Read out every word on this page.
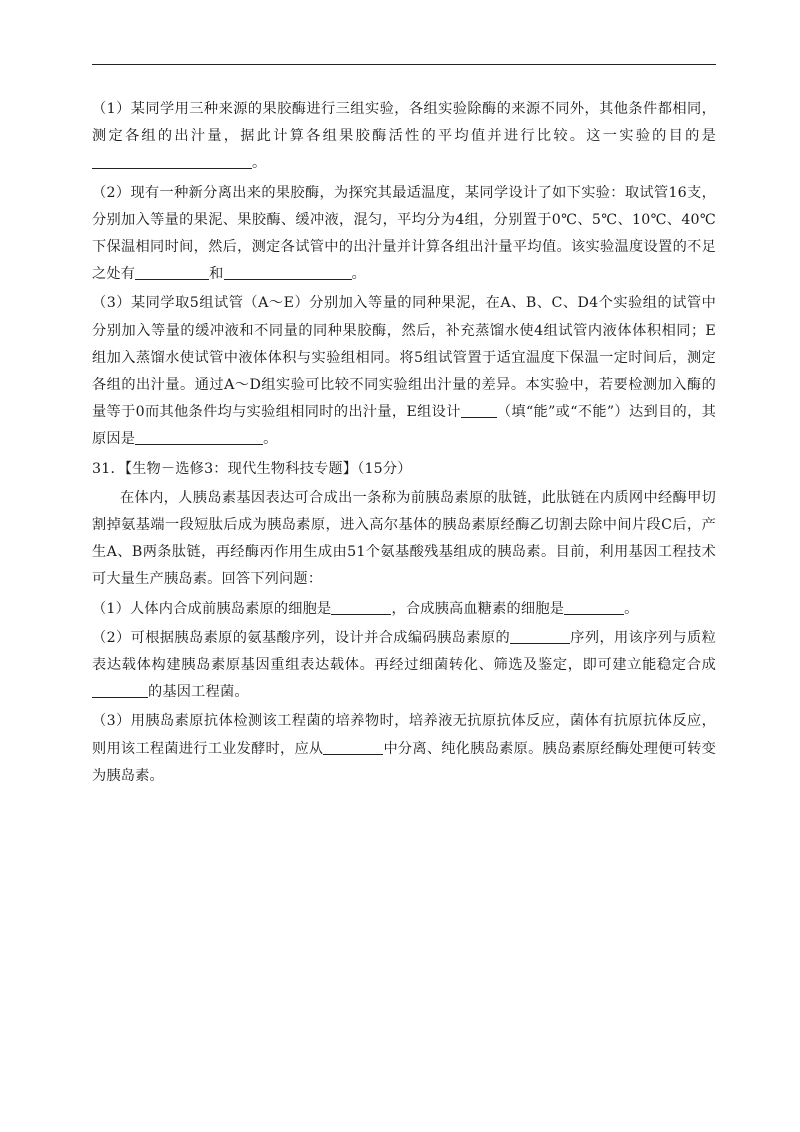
（1）某同学用三种来源的果胶酶进行三组实验，各组实验除酶的来源不同外，其他条件都相同，测定各组的出汁量，据此计算各组果胶酶活性的平均值并进行比较。这一实验的目的是。

（2）现有一种新分离出来的果胶酶，为探究其最适温度，某同学设计了如下实验：取试管16支，分别加入等量的果泥、果胶酶、缓冲液，混匀，平均分为4组，分别置于0℃、5℃、10℃、40℃下保温相同时间，然后，测定各试管中的出汁量并计算各组出汁量平均值。该实验温度设置的不足之处有	和	。

（3）某同学取5组试管（A～E）分别加入等量的同种果泥，在A、B、C、D4个实验组的试管中分别加入等量的缓冲液和不同量的同种果胶酶，然后，补充蒸馏水使4组试管内液体体积相同；E组加入蒸馏水使试管中液体体积与实验组相同。将5组试管置于适宜温度下保温一定时间后，测定各组的出汁量。通过A～D组实验可比较不同实验组出汁量的差异。本实验中，若要检测加入酶的量等于0而其他条件均与实验组相同时的出汁量，E组设计	（填“能”或“不能”）达到目的，其原因是	。

31．【生物－选修3：现代生物科技专题】（15分）

在体内，人胰岛素基因表达可合成出一条称为前胰岛素原的肽链，此肽链在内质网中经酶甲切割掉氨基端一段短肽后成为胰岛素原，进入高尔基体的胰岛素原经酶乙切割去除中间片段C后，产生A、B两条肽链，再经酶丙作用生成由51个氨基酸残基组成的胰岛素。目前，利用基因工程技术可大量生产胰岛素。回答下列问题：

（1）人体内合成前胰岛素原的细胞是	，合成胰高血糖素的细胞是	。

（2）可根据胰岛素原的氨基酸序列，设计并合成编码胰岛素原的	序列，用该序列与质粒表达载体构建胰岛素原基因重组表达载体。再经过细菌转化、筛选及鉴定，即可建立能稳定合成的基因工程菌。

（3）用胰岛素原抗体检测该工程菌的培养物时，培养液无抗原抗体反应，菌体有抗原抗体反应，则用该工程菌进行工业发酵时，应从	中分离、纯化胰岛素原。胰岛素原经酶处理便可转变为胰岛素。
